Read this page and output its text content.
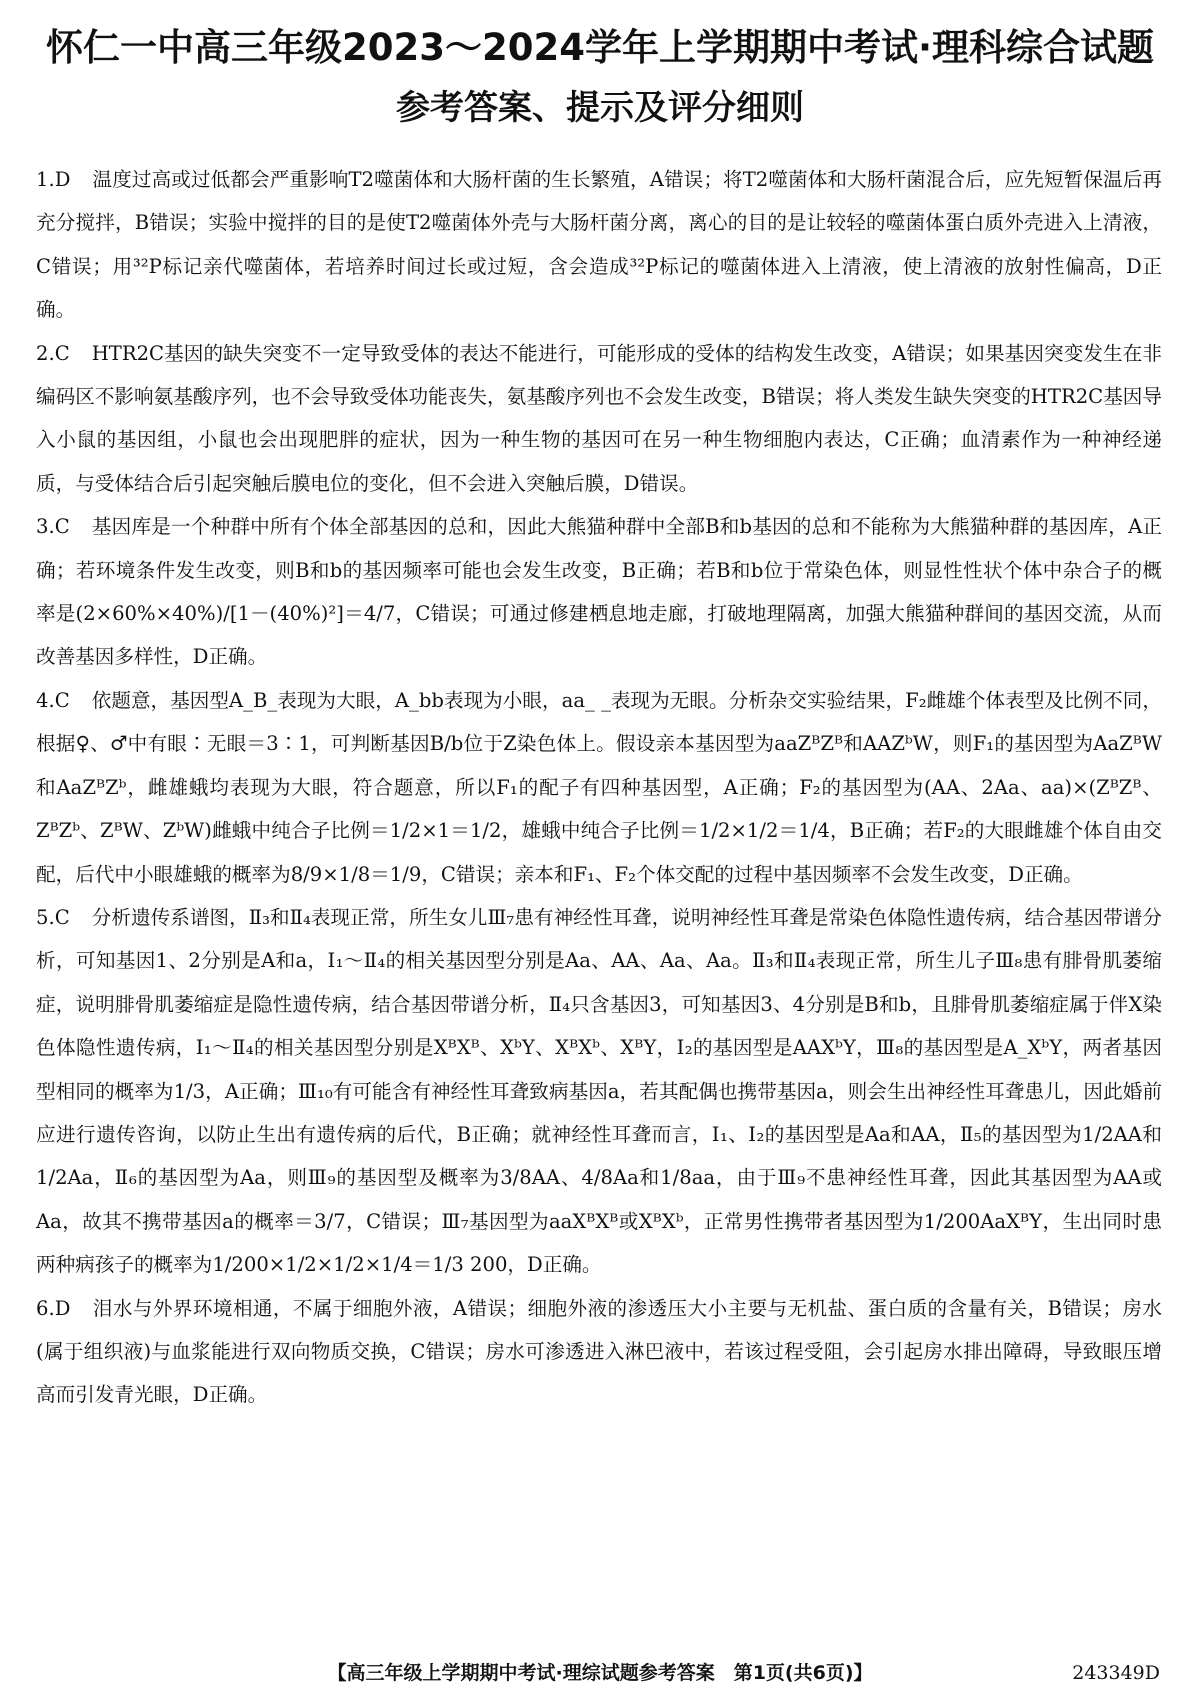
怀仁一中高三年级2023～2024学年上学期期中考试·理科综合试题
参考答案、提示及评分细则

1.D 温度过高或过低都会严重影响T2噬菌体和大肠杆菌的生长繁殖，A错误；将T2噬菌体和大肠杆菌混合后，应先短暂保温后再充分搅拌，B错误；实验中搅拌的目的是使T2噬菌体外壳与大肠杆菌分离，离心的目的是让较轻的噬菌体蛋白质外壳进入上清液，C错误；用³²P标记亲代噬菌体，若培养时间过长或过短，含会造成³²P标记的噬菌体进入上清液，使上清液的放射性偏高，D正确。

2.C HTR2C基因的缺失突变不一定导致受体的表达不能进行，可能形成的受体的结构发生改变，A错误；如果基因突变发生在非编码区不影响氨基酸序列，也不会导致受体功能丧失，氨基酸序列也不会发生改变，B错误；将人类发生缺失突变的HTR2C基因导入小鼠的基因组，小鼠也会出现肥胖的症状，因为一种生物的基因可在另一种生物细胞内表达，C正确；血清素作为一种神经递质，与受体结合后引起突触后膜电位的变化，但不会进入突触后膜，D错误。

3.C 基因库是一个种群中所有个体全部基因的总和，因此大熊猫种群中全部B和b基因的总和不能称为大熊猫种群的基因库，A正确；若环境条件发生改变，则B和b的基因频率可能也会发生改变，B正确；若B和b位于常染色体，则显性性状个体中杂合子的概率是(2×60%×40%)/[1－(40%)²]＝4/7，C错误；可通过修建栖息地走廊，打破地理隔离，加强大熊猫种群间的基因交流，从而改善基因多样性，D正确。

4.C 依题意，基因型A_B_表现为大眼，A_bb表现为小眼，aa_ _表现为无眼。分析杂交实验结果，F₂雌雄个体表型及比例不同，根据♀、♂中有眼∶无眼＝3∶1，可判断基因B/b位于Z染色体上。假设亲本基因型为aaZᴮZᴮ和AAZᵇW，则F₁的基因型为AaZᴮW和AaZᴮZᵇ，雌雄蛾均表现为大眼，符合题意，所以F₁的配子有四种基因型，A正确；F₂的基因型为(AA、2Aa、aa)×(ZᴮZᴮ、ZᴮZᵇ、ZᴮW、ZᵇW)雌蛾中纯合子比例＝1/2×1＝1/2，雄蛾中纯合子比例＝1/2×1/2＝1/4，B正确；若F₂的大眼雌雄个体自由交配，后代中小眼雄蛾的概率为8/9×1/8＝1/9，C错误；亲本和F₁、F₂个体交配的过程中基因频率不会发生改变，D正确。

5.C 分析遗传系谱图，Ⅱ₃和Ⅱ₄表现正常，所生女儿Ⅲ₇患有神经性耳聋，说明神经性耳聋是常染色体隐性遗传病，结合基因带谱分析，可知基因1、2分别是A和a，Ⅰ₁～Ⅱ₄的相关基因型分别是Aa、AA、Aa、Aa。Ⅱ₃和Ⅱ₄表现正常，所生儿子Ⅲ₈患有腓骨肌萎缩症，说明腓骨肌萎缩症是隐性遗传病，结合基因带谱分析，Ⅱ₄只含基因3，可知基因3、4分别是B和b，且腓骨肌萎缩症属于伴X染色体隐性遗传病，Ⅰ₁～Ⅱ₄的相关基因型分别是XᴮXᴮ、XᵇY、XᴮXᵇ、XᴮY，Ⅰ₂的基因型是AAXᵇY，Ⅲ₈的基因型是A_XᵇY，两者基因型相同的概率为1/3，A正确；Ⅲ₁₀有可能含有神经性耳聋致病基因a，若其配偶也携带基因a，则会生出神经性耳聋患儿，因此婚前应进行遗传咨询，以防止生出有遗传病的后代，B正确；就神经性耳聋而言，Ⅰ₁、Ⅰ₂的基因型是Aa和AA，Ⅱ₅的基因型为1/2AA和1/2Aa，Ⅱ₆的基因型为Aa，则Ⅲ₉的基因型及概率为3/8AA、4/8Aa和1/8aa，由于Ⅲ₉不患神经性耳聋，因此其基因型为AA或Aa，故其不携带基因a的概率＝3/7，C错误；Ⅲ₇基因型为aaXᴮXᴮ或XᴮXᵇ，正常男性携带者基因型为1/200AaXᴮY，生出同时患两种病孩子的概率为1/200×1/2×1/2×1/4＝1/3 200，D正确。

6.D 泪水与外界环境相通，不属于细胞外液，A错误；细胞外液的渗透压大小主要与无机盐、蛋白质的含量有关，B错误；房水(属于组织液)与血浆能进行双向物质交换，C错误；房水可渗透进入淋巴液中，若该过程受阻，会引起房水排出障碍，导致眼压增高而引发青光眼，D正确。

【高三年级上学期期中考试·理综试题参考答案　第1页(共6页)】	243349D
